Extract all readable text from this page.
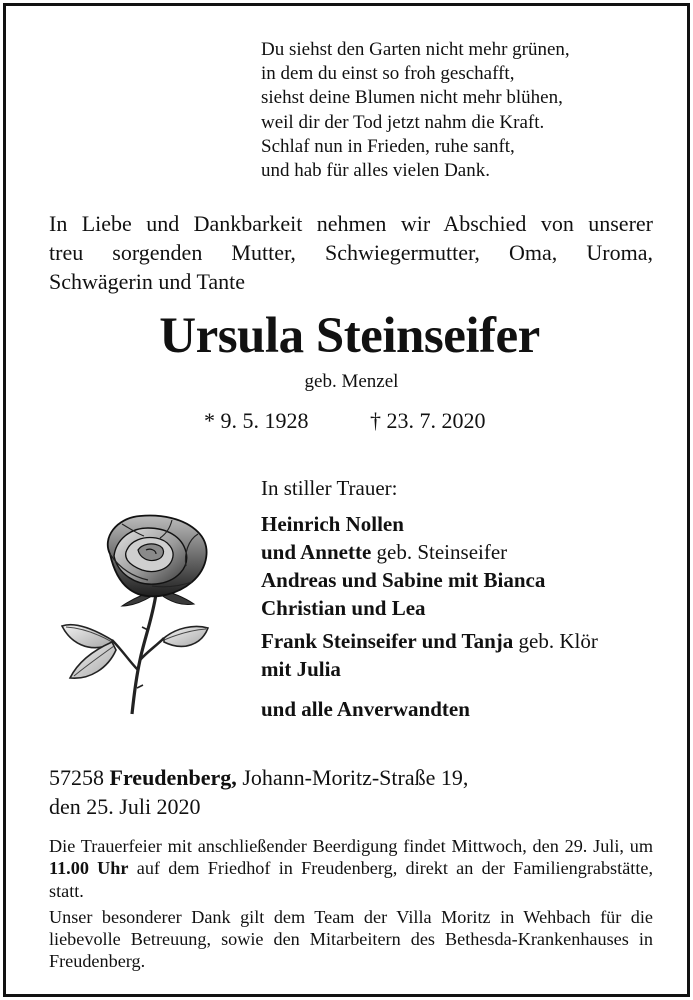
Du siehst den Garten nicht mehr grünen,
in dem du einst so froh geschafft,
siehst deine Blumen nicht mehr blühen,
weil dir der Tod jetzt nahm die Kraft.
Schlaf nun in Frieden, ruhe sanft,
und hab für alles vielen Dank.
In Liebe und Dankbarkeit nehmen wir Abschied von unserer
treu sorgenden Mutter, Schwiegermutter, Oma, Uroma,
Schwägerin und Tante
Ursula Steinseifer
geb. Menzel
* 9. 5. 1928	† 23. 7. 2020
In stiller Trauer:
Heinrich Nollen
und Annette geb. Steinseifer
Andreas und Sabine mit Bianca
Christian und Lea
Frank Steinseifer und Tanja geb. Klör
mit Julia
und alle Anverwandten
57258 Freudenberg, Johann-Moritz-Straße 19,
den 25. Juli 2020

Die Trauerfeier mit anschließender Beerdigung findet Mittwoch, den 29. Juli, um 11.00 Uhr auf dem Friedhof in Freudenberg, direkt an der Familiengrabstätte, statt.

Unser besonderer Dank gilt dem Team der Villa Moritz in Wehbach für die liebevolle Betreuung, sowie den Mitarbeitern des Bethesda-Krankenhauses in Freudenberg.
